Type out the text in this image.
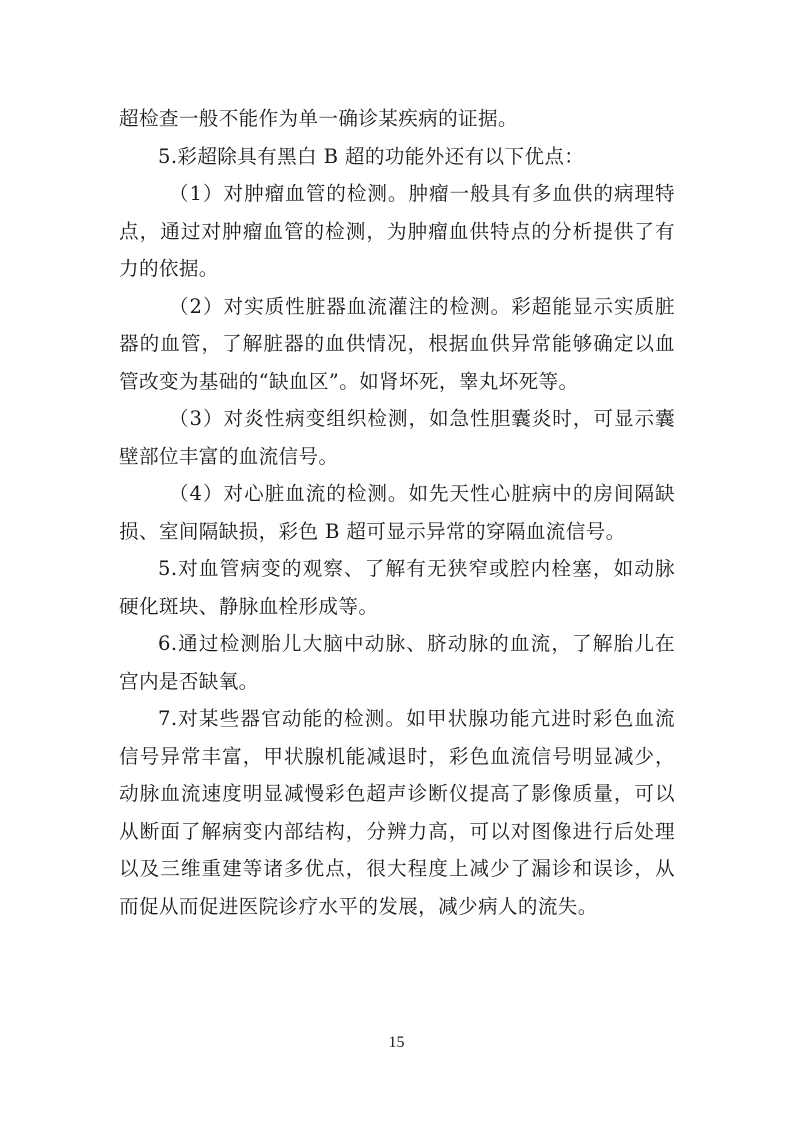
超检查一般不能作为单一确诊某疾病的证据。

5.彩超除具有黑白 B 超的功能外还有以下优点：

（1）对肿瘤血管的检测。肿瘤一般具有多血供的病理特点，通过对肿瘤血管的检测，为肿瘤血供特点的分析提供了有力的依据。

（2）对实质性脏器血流灌注的检测。彩超能显示实质脏器的血管，了解脏器的血供情况，根据血供异常能够确定以血管改变为基础的“缺血区”。如肾坏死，睾丸坏死等。

（3）对炎性病变组织检测，如急性胆囊炎时，可显示囊壁部位丰富的血流信号。

（4）对心脏血流的检测。如先天性心脏病中的房间隔缺损、室间隔缺损，彩色 B 超可显示异常的穿隔血流信号。

5.对血管病变的观察、了解有无狭窄或腔内栓塞，如动脉硬化斑块、静脉血栓形成等。

6.通过检测胎儿大脑中动脉、脐动脉的血流，了解胎儿在宫内是否缺氧。

7.对某些器官动能的检测。如甲状腺功能亢进时彩色血流信号异常丰富，甲状腺机能减退时，彩色血流信号明显减少，动脉血流速度明显减慢彩色超声诊断仪提高了影像质量，可以从断面了解病变内部结构，分辨力高，可以对图像进行后处理以及三维重建等诸多优点，很大程度上减少了漏诊和误诊，从而促从而促进医院诊疗水平的发展，减少病人的流失。

15
